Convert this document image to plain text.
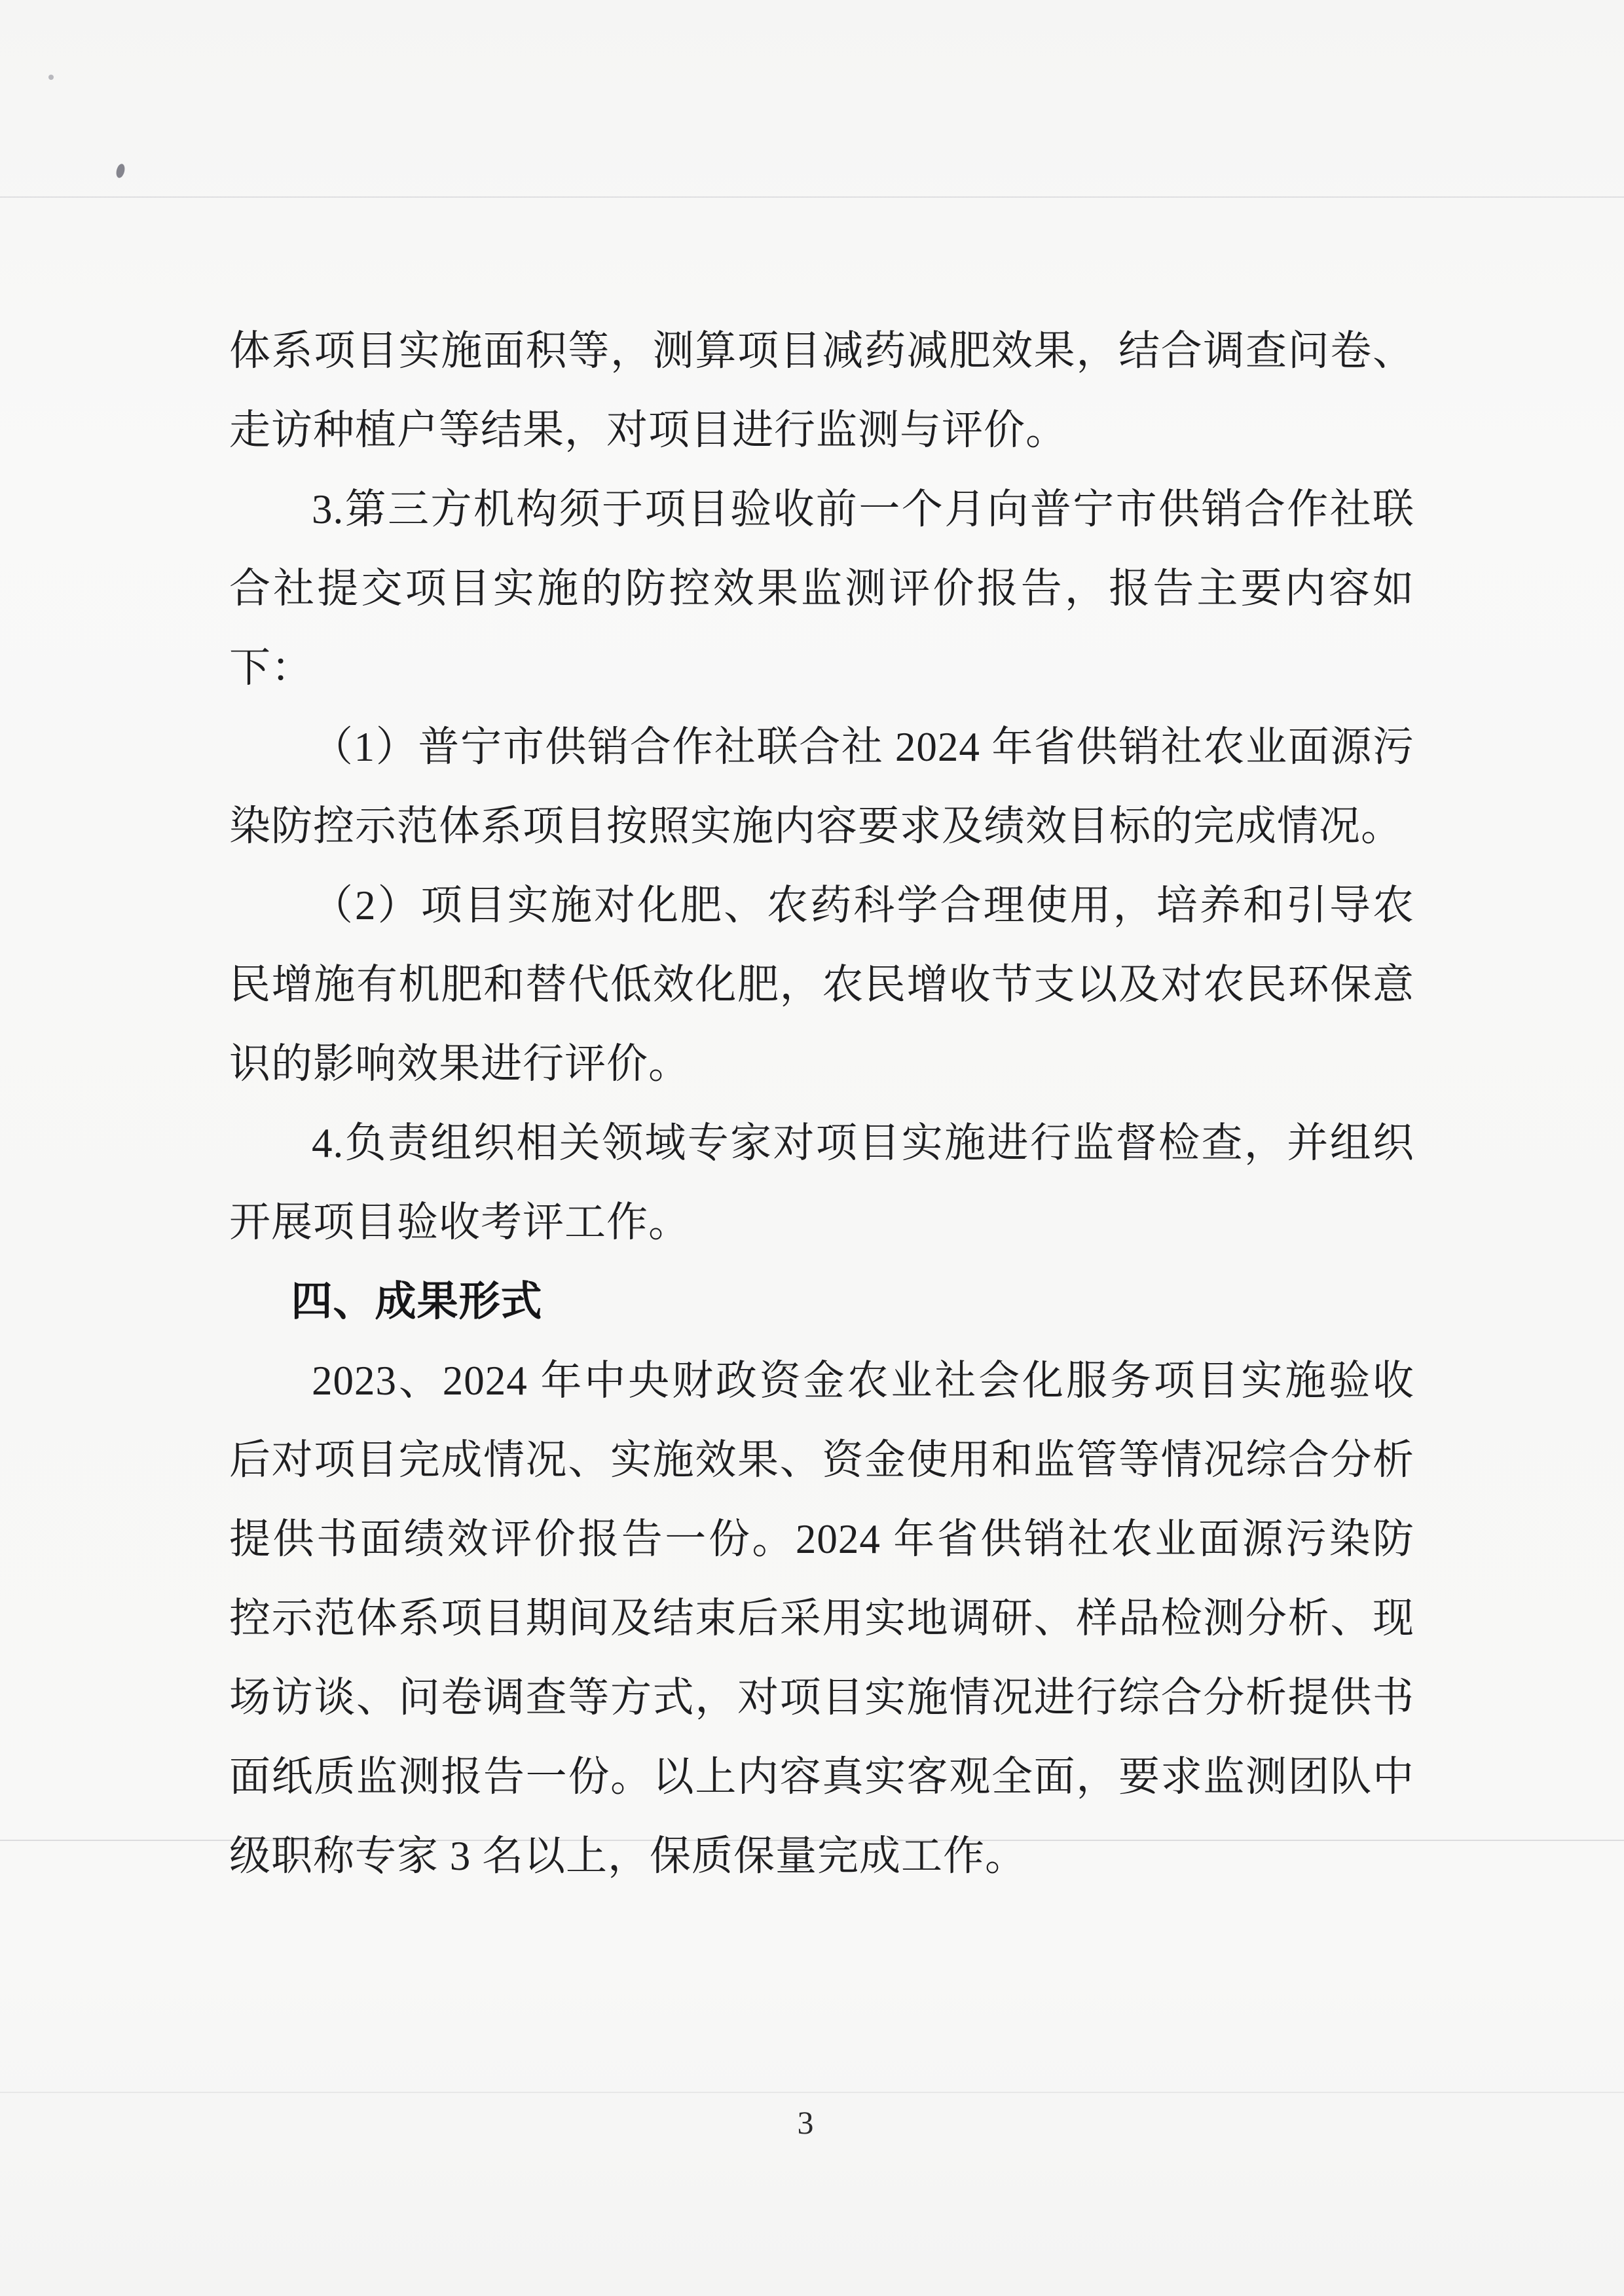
体系项目实施面积等，测算项目减药减肥效果，结合调查问卷、走访种植户等结果，对项目进行监测与评价。

3.第三方机构须于项目验收前一个月向普宁市供销合作社联合社提交项目实施的防控效果监测评价报告，报告主要内容如下：

（1）普宁市供销合作社联合社 2024 年省供销社农业面源污染防控示范体系项目按照实施内容要求及绩效目标的完成情况。

（2）项目实施对化肥、农药科学合理使用，培养和引导农民增施有机肥和替代低效化肥，农民增收节支以及对农民环保意识的影响效果进行评价。

4.负责组织相关领域专家对项目实施进行监督检查，并组织开展项目验收考评工作。

四、成果形式

2023、2024 年中央财政资金农业社会化服务项目实施验收后对项目完成情况、实施效果、资金使用和监管等情况综合分析提供书面绩效评价报告一份。2024 年省供销社农业面源污染防控示范体系项目期间及结束后采用实地调研、样品检测分析、现场访谈、问卷调查等方式，对项目实施情况进行综合分析提供书面纸质监测报告一份。以上内容真实客观全面，要求监测团队中级职称专家 3 名以上，保质保量完成工作。

3
